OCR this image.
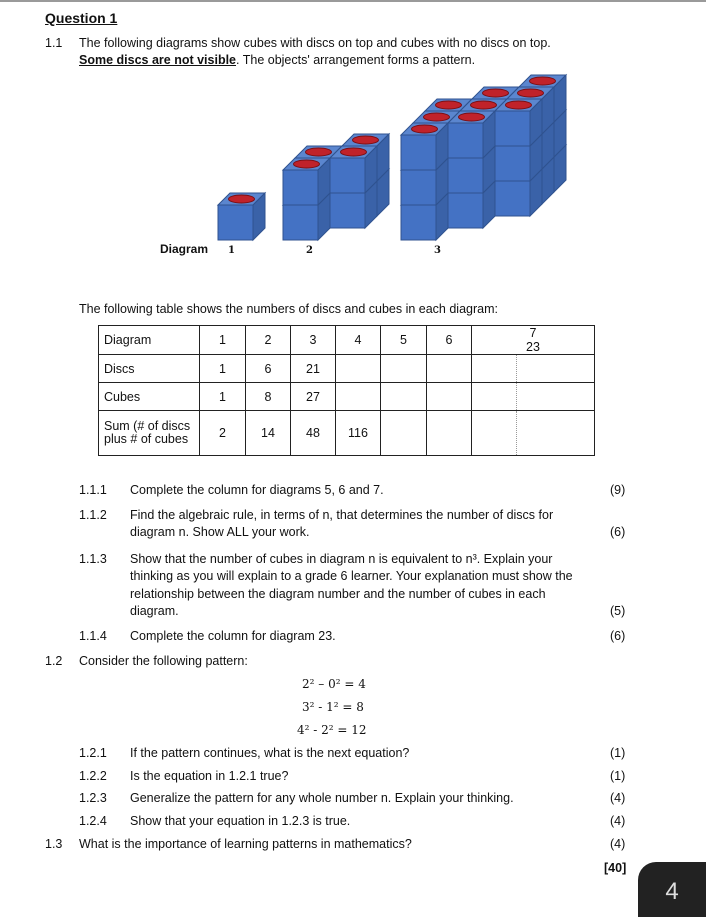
Question 1
1.1 The following diagrams show cubes with discs on top and cubes with no discs on top.
Some discs are not visible. The objects' arrangement forms a pattern.
Diagram 1	2	3
The following table shows the numbers of discs and cubes in each diagram:
Diagram	1	2	3	4	5	6	723	
Discs	1	6	21					
Cubes	1	8	27					
Sum (# of discs plus # of cubes	2	14	48	116				
1.1.1 Complete the column for diagrams 5, 6 and 7.	(9)
1.1.2 Find the algebraic rule, in terms of n, that determines the number of discs for
diagram n. Show ALL your work.	(6)
1.1.3 Show that the number of cubes in diagram n is equivalent to n³. Explain your
thinking as you will explain to a grade 6 learner. Your explanation must show the
relationship between the diagram number and the number of cubes in each
diagram.	(5)
1.1.4 Complete the column for diagram 23.	(6)
1.2 Consider the following pattern:
2² – 0² = 4
3² - 1² = 8
4² - 2² = 12
1.2.1 If the pattern continues, what is the next equation?	(1)
1.2.2 Is the equation in 1.2.1 true?	(1)
1.2.3 Generalize the pattern for any whole number n. Explain your thinking.	(4)
1.2.4 Show that your equation in 1.2.3 is true.	(4)
1.3 What is the importance of learning patterns in mathematics?	(4)
[40]
4
